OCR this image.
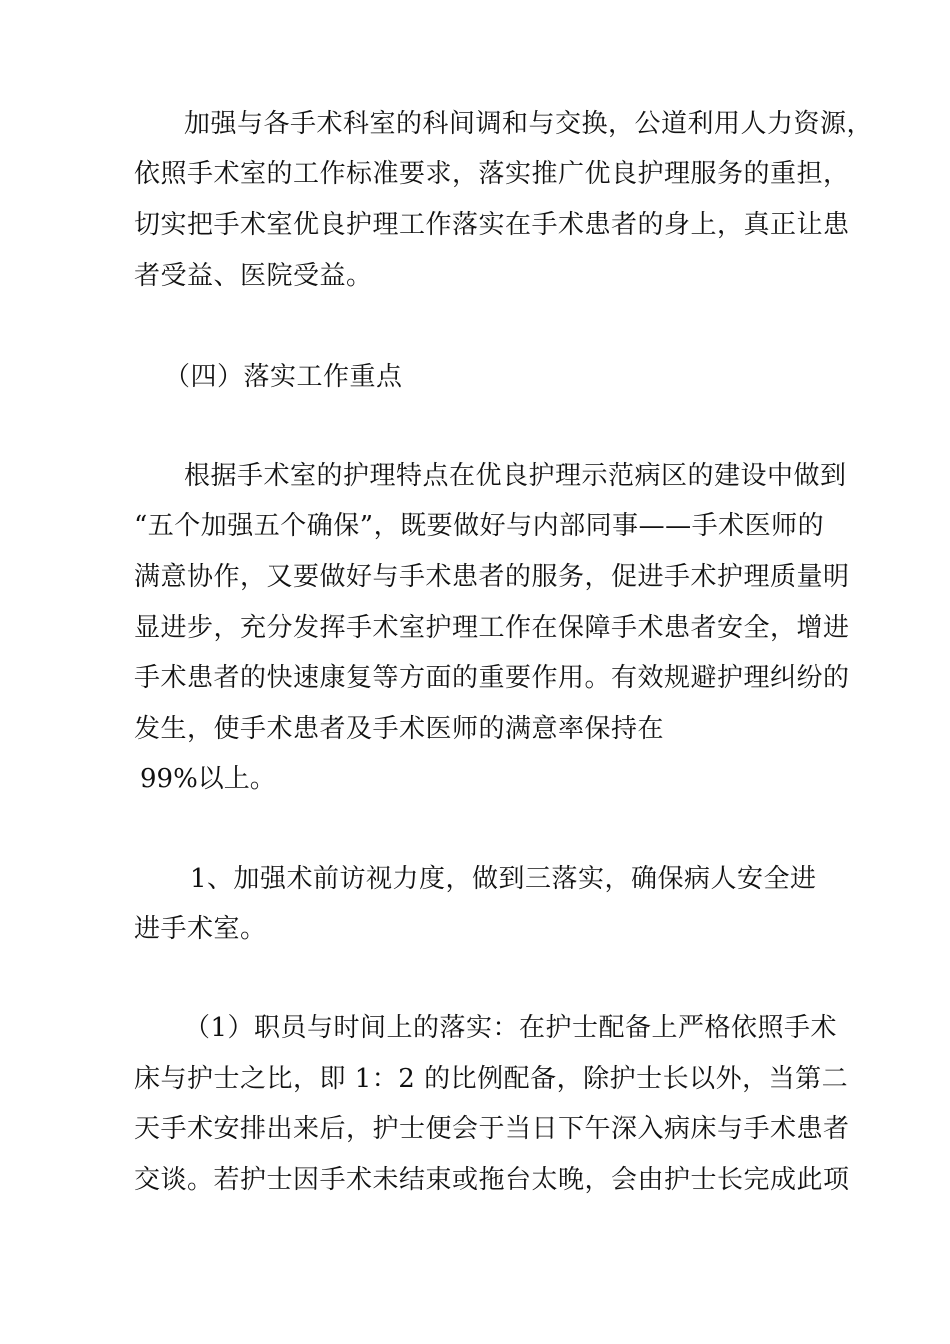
加强与各手术科室的科间调和与交换，公道利用人力资源，
依照手术室的工作标准要求，落实推广优良护理服务的重担，
切实把手术室优良护理工作落实在手术患者的身上，真正让患
者受益、医院受益。
（四）落实工作重点
根据手术室的护理特点在优良护理示范病区的建设中做到
“五个加强五个确保”，既要做好与内部同事——手术医师的
满意协作，又要做好与手术患者的服务，促进手术护理质量明
显进步，充分发挥手术室护理工作在保障手术患者安全，增进
手术患者的快速康复等方面的重要作用。有效规避护理纠纷的
发生，使手术患者及手术医师的满意率保持在
99%以上。
1、加强术前访视力度，做到三落实，确保病人安全进
进手术室。
（1）职员与时间上的落实：在护士配备上严格依照手术
床与护士之比，即 1：2 的比例配备，除护士长以外，当第二
天手术安排出来后，护士便会于当日下午深入病床与手术患者
交谈。若护士因手术未结束或拖台太晚，会由护士长完成此项
